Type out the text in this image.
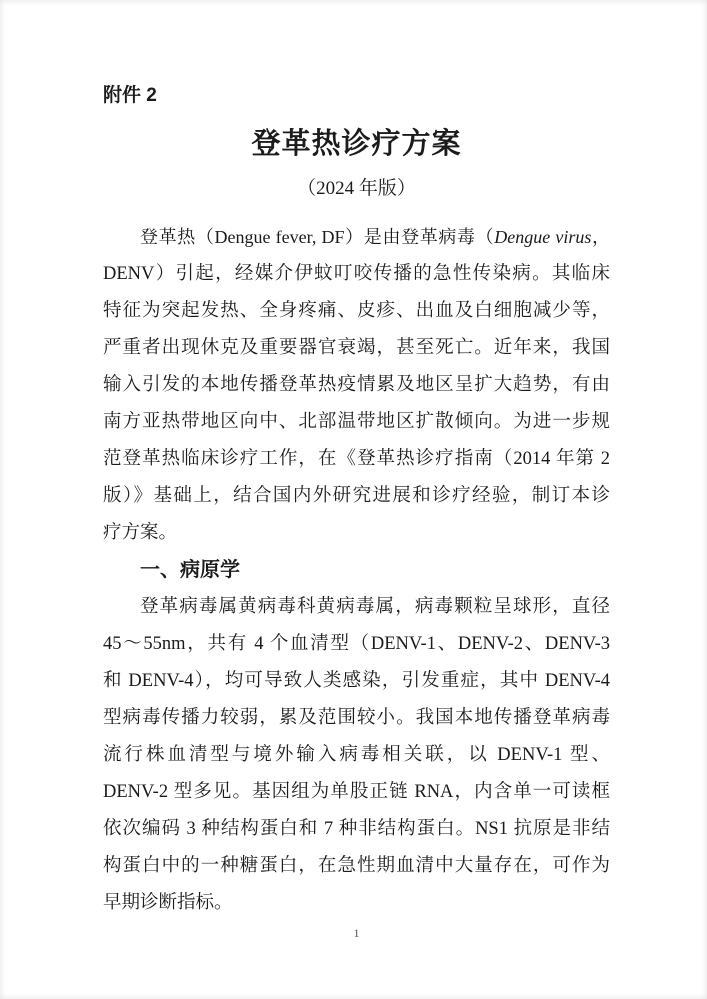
附件 2
登革热诊疗方案
（2024 年版）
登革热（Dengue fever, DF）是由登革病毒（Dengue virus，
DENV）引起，经媒介伊蚊叮咬传播的急性传染病。其临床
特征为突起发热、全身疼痛、皮疹、出血及白细胞减少等，
严重者出现休克及重要器官衰竭，甚至死亡。近年来，我国
输入引发的本地传播登革热疫情累及地区呈扩大趋势，有由
南方亚热带地区向中、北部温带地区扩散倾向。为进一步规
范登革热临床诊疗工作，在《登革热诊疗指南（2014 年第 2
版）》基础上，结合国内外研究进展和诊疗经验，制订本诊
疗方案。
一、病原学
登革病毒属黄病毒科黄病毒属，病毒颗粒呈球形，直径
45～55nm，共有 4 个血清型（DENV-1、DENV-2、DENV-3
和 DENV-4），均可导致人类感染，引发重症，其中 DENV-4
型病毒传播力较弱，累及范围较小。我国本地传播登革病毒
流行株血清型与境外输入病毒相关联，以 DENV-1 型、
DENV-2 型多见。基因组为单股正链 RNA，内含单一可读框
依次编码 3 种结构蛋白和 7 种非结构蛋白。NS1 抗原是非结
构蛋白中的一种糖蛋白，在急性期血清中大量存在，可作为
早期诊断指标。
1
